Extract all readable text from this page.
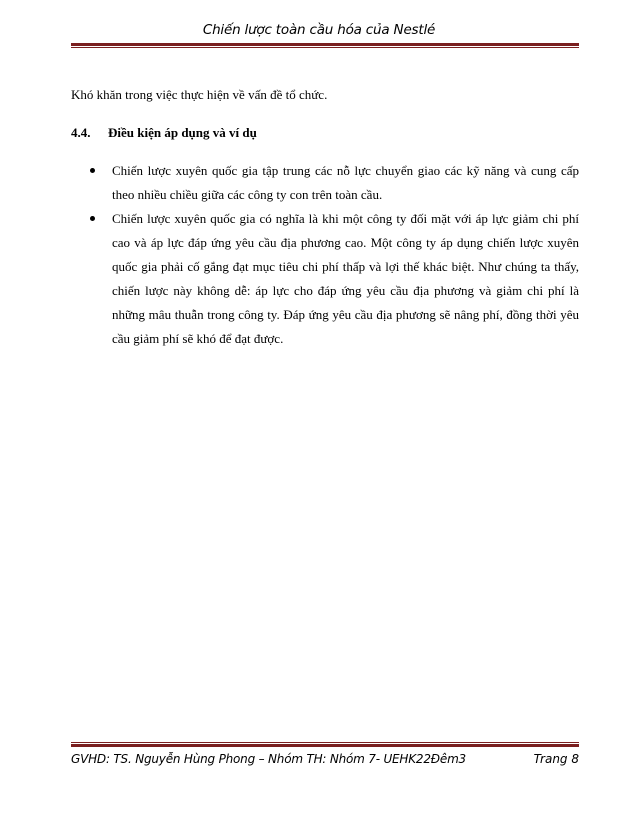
Chiến lược toàn cầu hóa của Nestlé
Khó khăn trong việc thực hiện về vấn đề tổ chức.
4.4. Điều kiện áp dụng và ví dụ
Chiến lược xuyên quốc gia tập trung các nỗ lực chuyển giao các kỹ năng và cung cấp theo nhiều chiều giữa các công ty con trên toàn cầu.
Chiến lược xuyên quốc gia có nghĩa là khi một công ty đối mặt với áp lực giảm chi phí cao và áp lực đáp ứng yêu cầu địa phương cao. Một công ty áp dụng chiến lược xuyên quốc gia phải cố gắng đạt mục tiêu chi phí thấp và lợi thế khác biệt. Như chúng ta thấy, chiến lược này không dễ: áp lực cho đáp ứng yêu cầu địa phương và giảm chi phí là những mâu thuẫn trong công ty. Đáp ứng yêu cầu địa phương sẽ nâng phí, đồng thời yêu cầu giảm phí sẽ khó để đạt được.
GVHD: TS. Nguyễn Hùng Phong – Nhóm TH: Nhóm 7- UEHK22Đêm3	Trang 8
